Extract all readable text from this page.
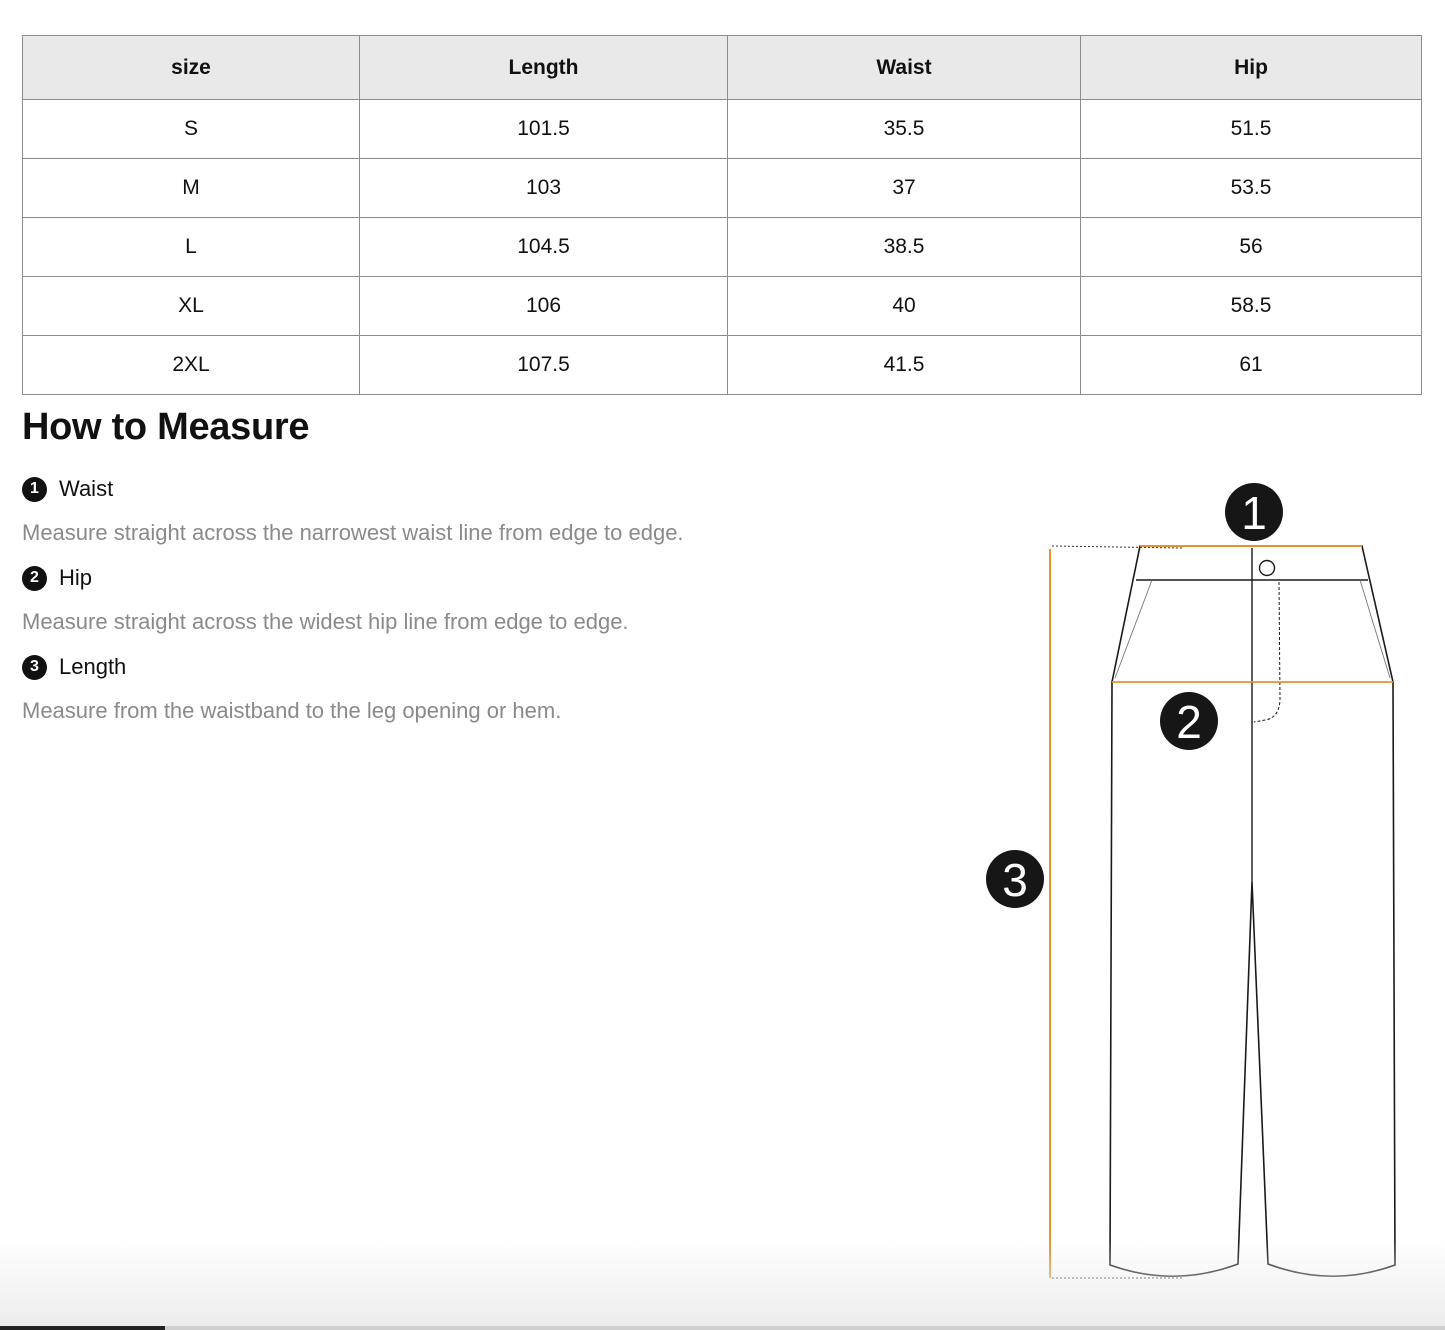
size	Length	Waist	Hip
S	101.5	35.5	51.5
M	103	37	53.5
L	104.5	38.5	56
XL	106	40	58.5
2XL	107.5	41.5	61
How to Measure
1 Waist
Measure straight across the narrowest waist line from edge to edge.
2 Hip
Measure straight across the widest hip line from edge to edge.
3 Length
Measure from the waistband to the leg opening or hem.
1
2
3
